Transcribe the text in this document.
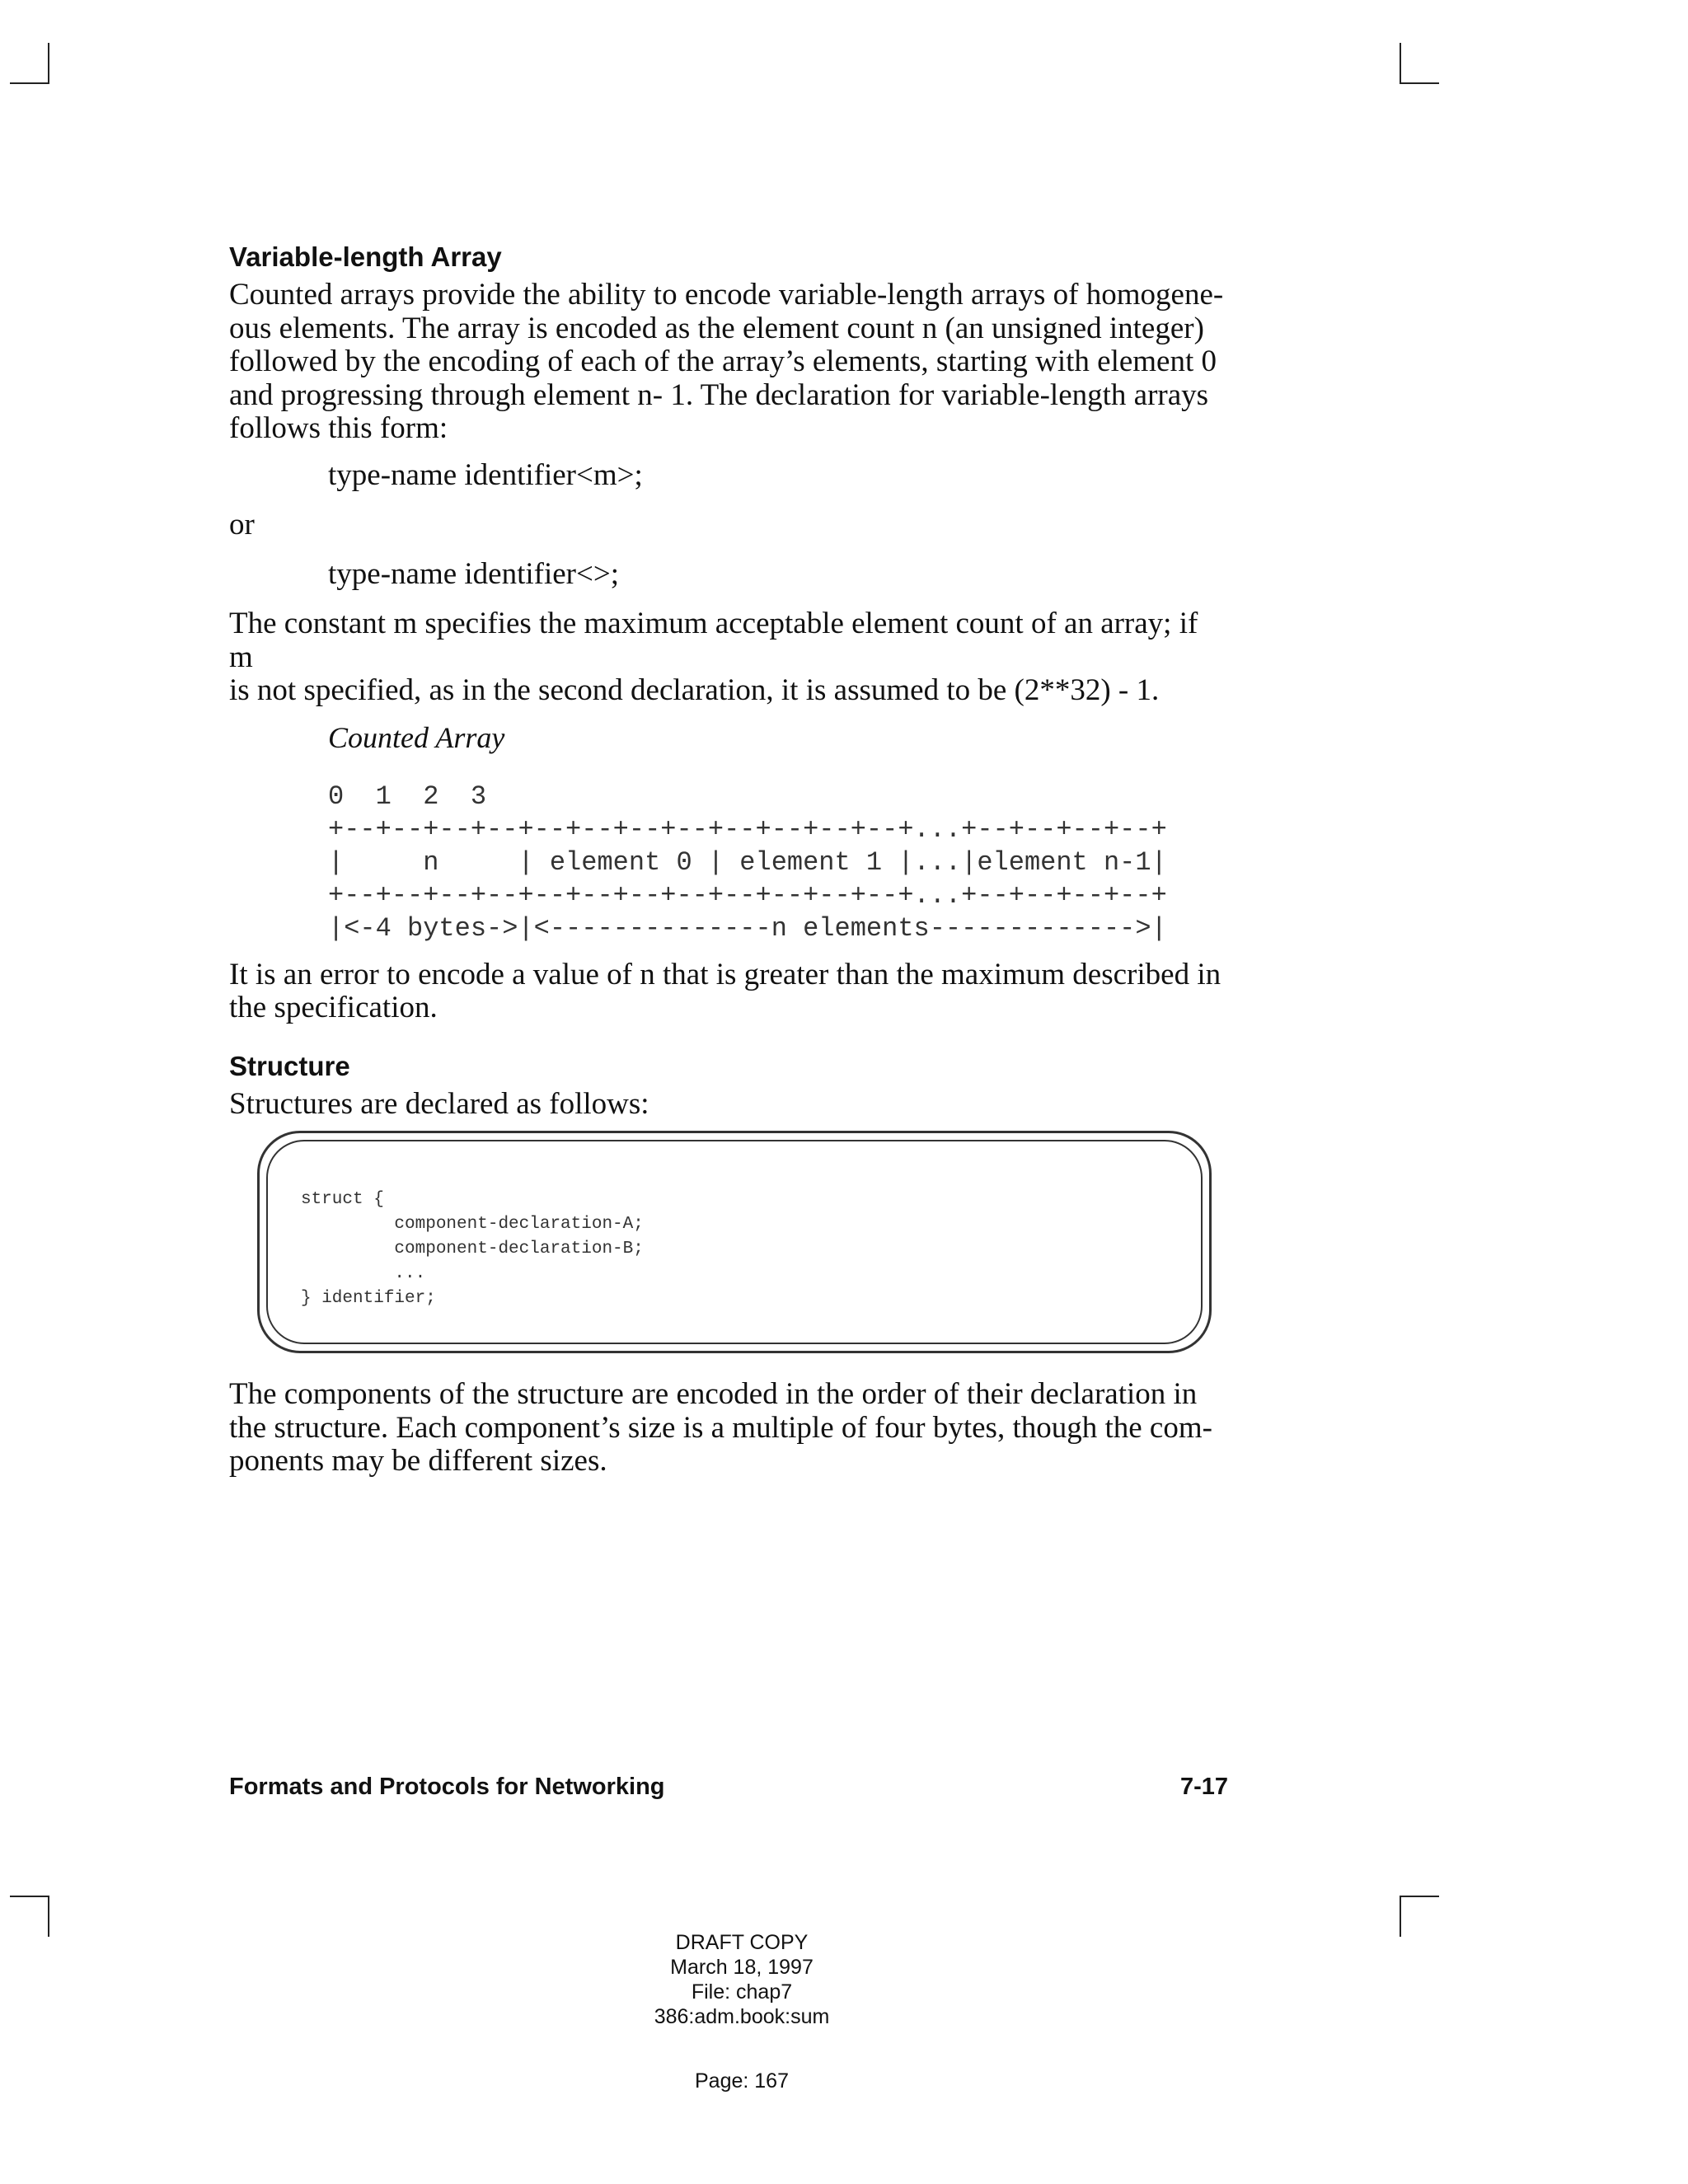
Variable-length Array

Counted arrays provide the ability to encode variable-length arrays of homogene-
ous elements. The array is encoded as the element count n (an unsigned integer)
followed by the encoding of each of the array’s elements, starting with element 0
and progressing through element n- 1. The declaration for variable-length arrays
follows this form:

type-name identifier<m>;
or
type-name identifier<>;

The constant m specifies the maximum acceptable element count of an array; if m
is not specified, as in the second declaration, it is assumed to be (2**32) - 1.

Counted Array
0  1  2  3
+--+--+--+--+--+--+--+--+--+--+--+--+...+--+--+--+--+
|     n     | element 0 | element 1 |...|element n-1|
+--+--+--+--+--+--+--+--+--+--+--+--+...+--+--+--+--+
|<-4 bytes->|<--------------n elements------------->|

It is an error to encode a value of n that is greater than the maximum described in
the specification.

Structure

Structures are declared as follows:

struct {
component-declaration-A;
component-declaration-B;
...
} identifier;

The components of the structure are encoded in the order of their declaration in
the structure. Each component’s size is a multiple of four bytes, though the com-
ponents may be different sizes.

Formats and Protocols for Networking	7-17
DRAFT COPY
March 18, 1997
File: chap7
386:adm.book:sum
Page: 167
